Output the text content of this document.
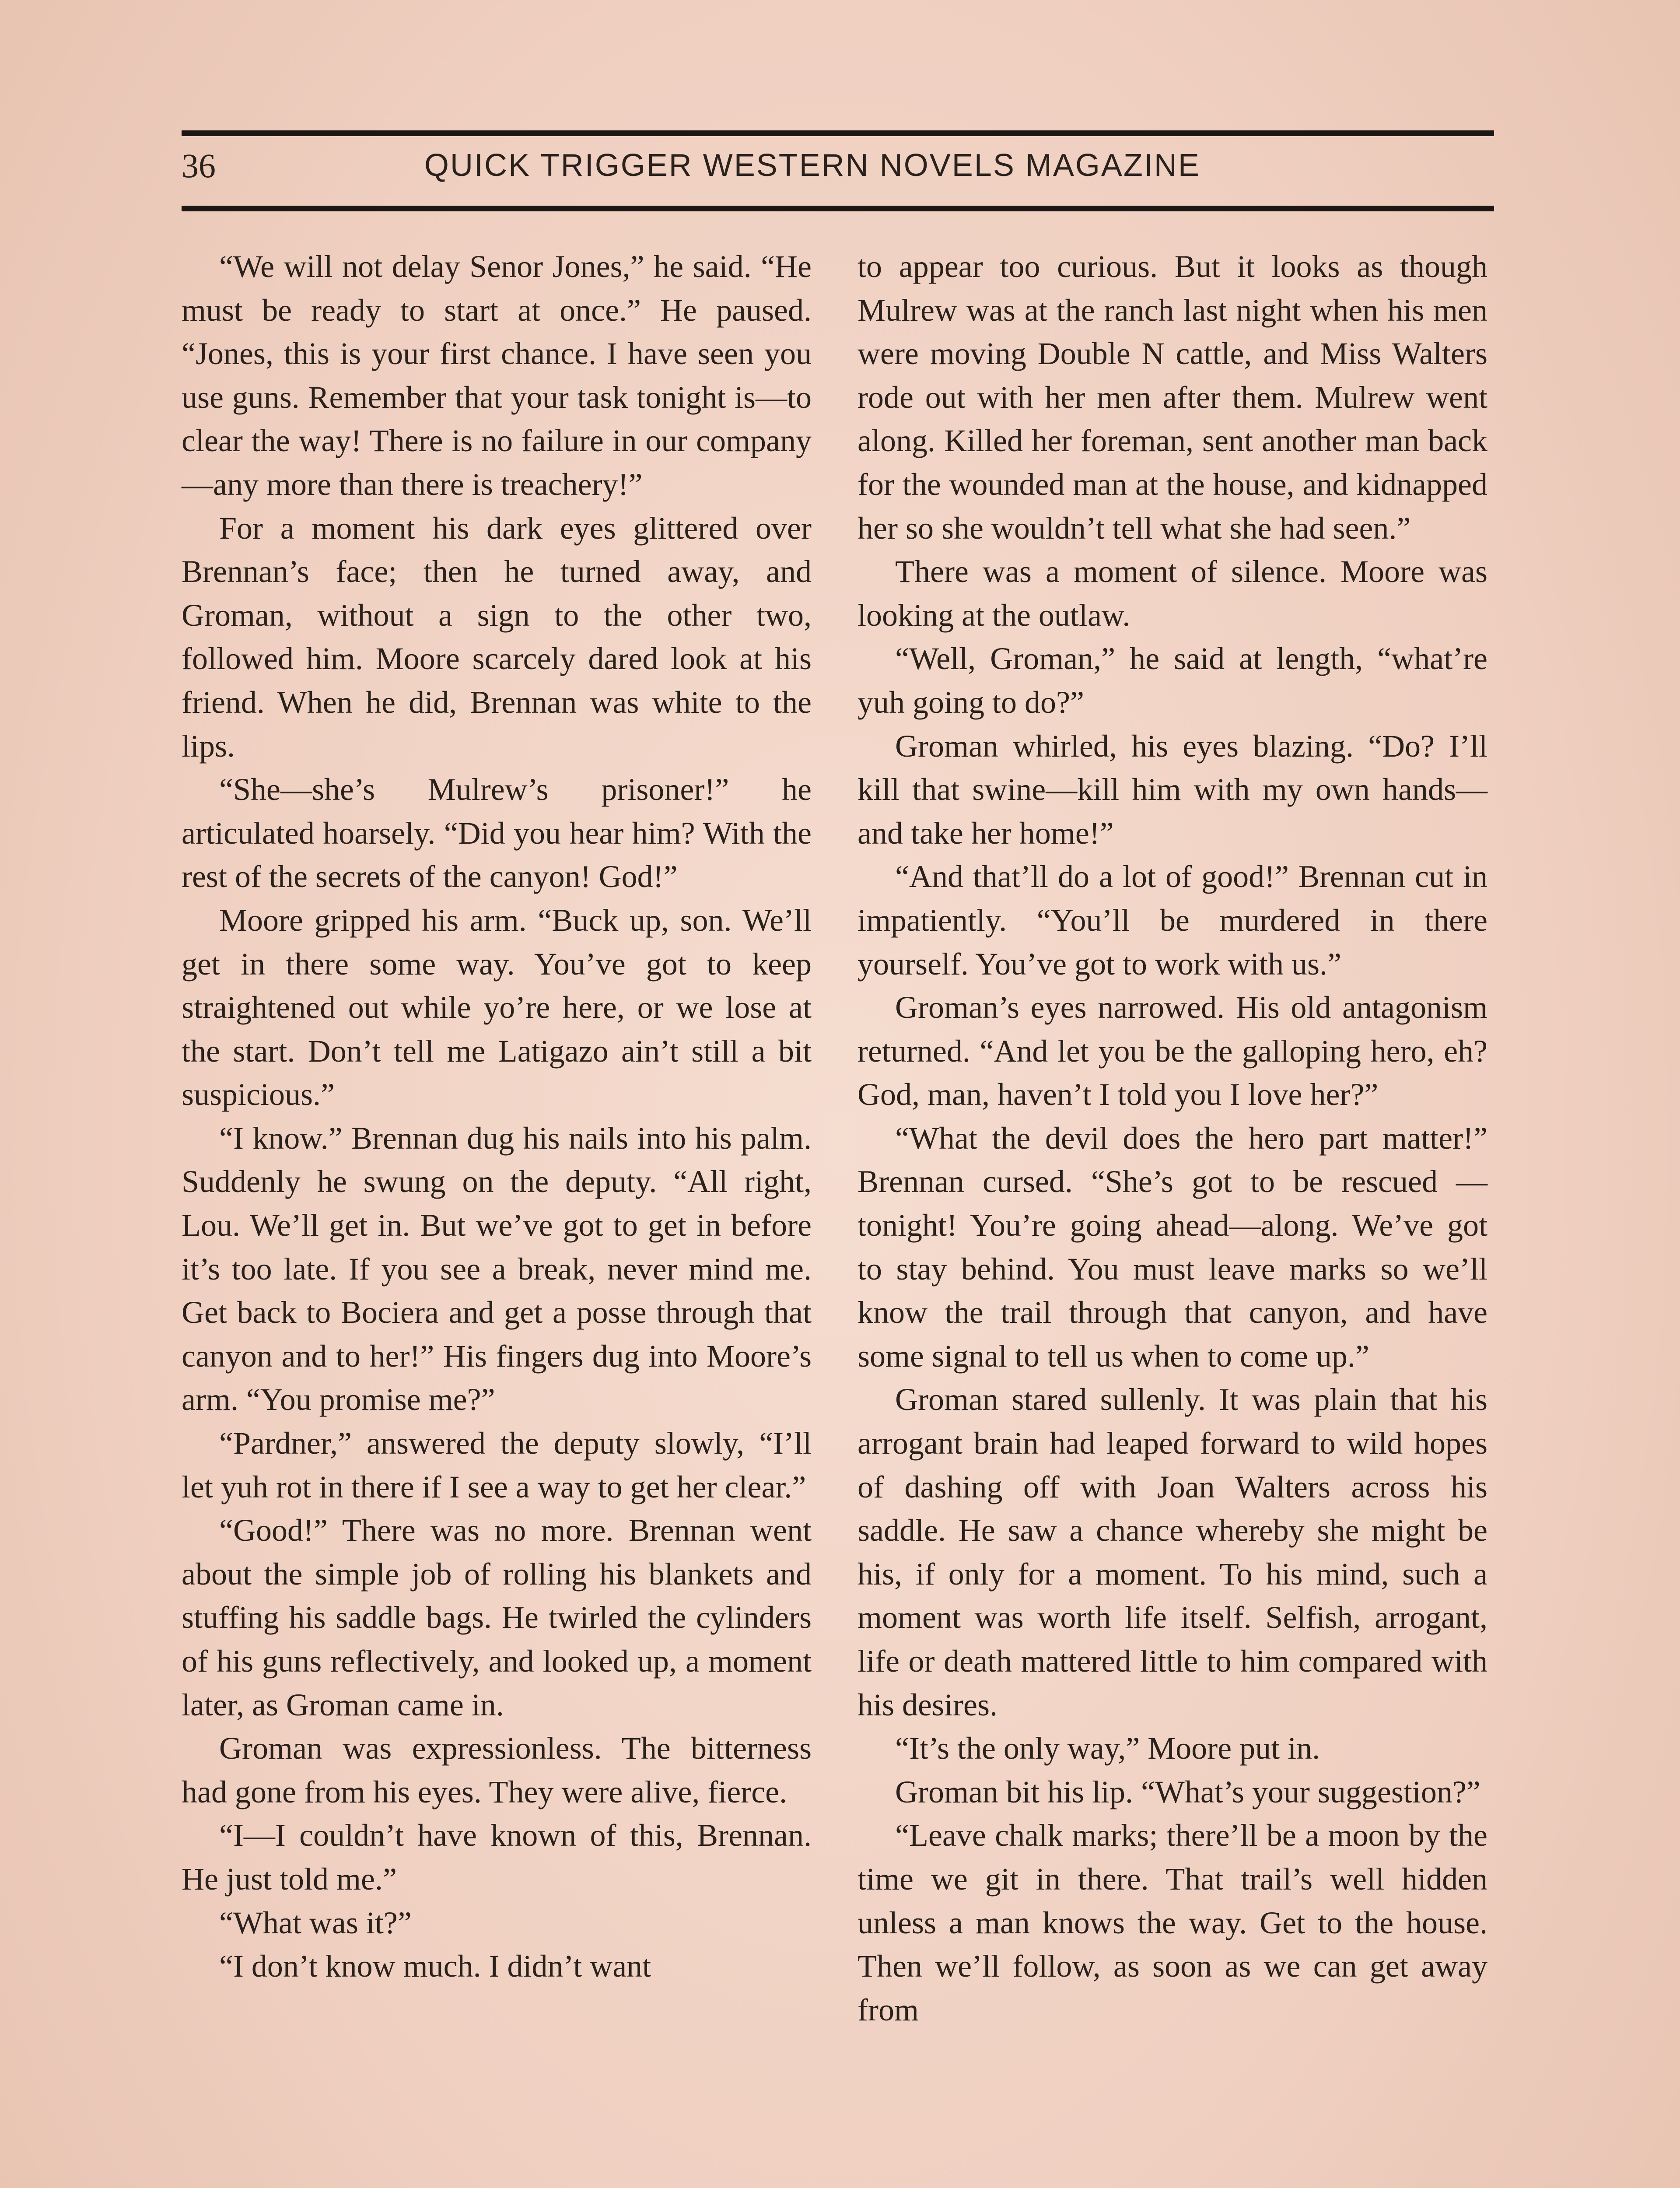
36	QUICK TRIGGER WESTERN NOVELS MAGAZINE

“We will not delay Senor Jones,” he said. “He must be ready to start at once.” He paused. “Jones, this is your first chance. I have seen you use guns. Remember that your task tonight is—to clear the way! There is no failure in our company—any more than there is treachery!”

For a moment his dark eyes glittered over Brennan’s face; then he turned away, and Groman, without a sign to the other two, followed him. Moore scarcely dared look at his friend. When he did, Brennan was white to the lips.

“She—she’s Mulrew’s prisoner!” he articulated hoarsely. “Did you hear him? With the rest of the secrets of the canyon! God!”

Moore gripped his arm. “Buck up, son. We’ll get in there some way. You’ve got to keep straightened out while yo’re here, or we lose at the start. Don’t tell me Latigazo ain’t still a bit suspicious.”

“I know.” Brennan dug his nails into his palm. Suddenly he swung on the deputy. “All right, Lou. We’ll get in. But we’ve got to get in before it’s too late. If you see a break, never mind me. Get back to Bociera and get a posse through that canyon and to her!” His fingers dug into Moore’s arm. “You promise me?”

“Pardner,” answered the deputy slowly, “I’ll let yuh rot in there if I see a way to get her clear.”

“Good!” There was no more. Brennan went about the simple job of rolling his blankets and stuffing his saddle bags. He twirled the cylinders of his guns reflectively, and looked up, a moment later, as Groman came in.

Groman was expressionless. The bitterness had gone from his eyes. They were alive, fierce.

“I—I couldn’t have known of this, Brennan. He just told me.”

“What was it?”

“I don’t know much. I didn’t want

to appear too curious. But it looks as though Mulrew was at the ranch last night when his men were moving Double N cattle, and Miss Walters rode out with her men after them. Mulrew went along. Killed her foreman, sent another man back for the wounded man at the house, and kidnapped her so she wouldn’t tell what she had seen.”

There was a moment of silence. Moore was looking at the outlaw.

“Well, Groman,” he said at length, “what’re yuh going to do?”

Groman whirled, his eyes blazing. “Do? I’ll kill that swine—kill him with my own hands—and take her home!”

“And that’ll do a lot of good!” Brennan cut in impatiently. “You’ll be murdered in there yourself. You’ve got to work with us.”

Groman’s eyes narrowed. His old antagonism returned. “And let you be the galloping hero, eh? God, man, haven’t I told you I love her?”

“What the devil does the hero part matter!” Brennan cursed. “She’s got to be rescued — tonight! You’re going ahead—along. We’ve got to stay behind. You must leave marks so we’ll know the trail through that canyon, and have some signal to tell us when to come up.”

Groman stared sullenly. It was plain that his arrogant brain had leaped forward to wild hopes of dashing off with Joan Walters across his saddle. He saw a chance whereby she might be his, if only for a moment. To his mind, such a moment was worth life itself. Selfish, arrogant, life or death mattered little to him compared with his desires.

“It’s the only way,” Moore put in.

Groman bit his lip. “What’s your suggestion?”

“Leave chalk marks; there’ll be a moon by the time we git in there. That trail’s well hidden unless a man knows the way. Get to the house. Then we’ll follow, as soon as we can get away from
